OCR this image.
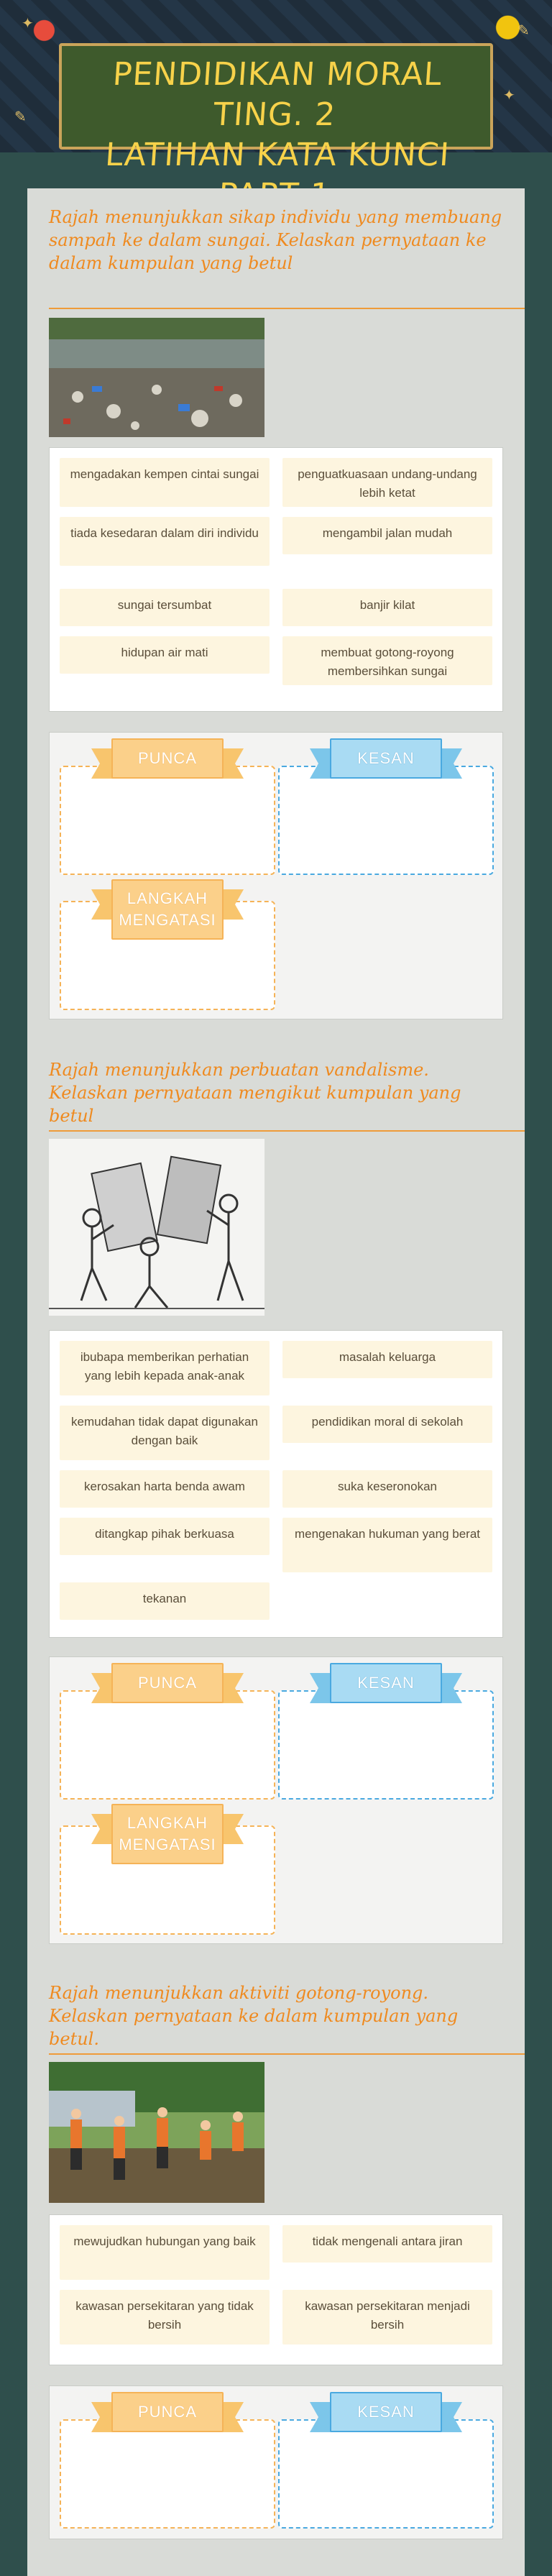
✦
✦
✎
✎
PENDIDIKAN MORAL TING. 2
LATIHAN KATA KUNCI
Rajah menunjukkan sikap individu yang membuang sampah ke dalam sungai. Kelaskan pernyataan ke dalam kumpulan yang betul
mengadakan kempen cintai sungai	penguatkuasaan undang-undang lebih ketat
tiada kesedaran dalam diri individu	mengambil jalan mudah
sungai tersumbat	banjir kilat
hidupan air mati	membuat gotong-royong membersihkan sungai
PUNCA	KESAN
LANGKAH MENGATASI
Rajah menunjukkan perbuatan vandalisme. Kelaskan pernyataan mengikut kumpulan yang betul
ibubapa memberikan perhatian yang lebih kepada anak-anak
masalah keluarga
kemudahan tidak dapat digunakan dengan baik
pendidikan moral di sekolah
kerosakan harta benda awam	suka keseronokan
ditangkap pihak berkuasa	mengenakan hukuman yang berat
tekanan
PUNCA	KESAN
LANGKAH MENGATASI
Rajah menunjukkan aktiviti gotong-royong. Kelaskan pernyataan ke dalam kumpulan yang betul.
mewujudkan hubungan yang baik	tidak mengenali antara jiran
kawasan persekitaran yang tidak bersih
kawasan persekitaran menjadi bersih
PUNCA	KESAN
